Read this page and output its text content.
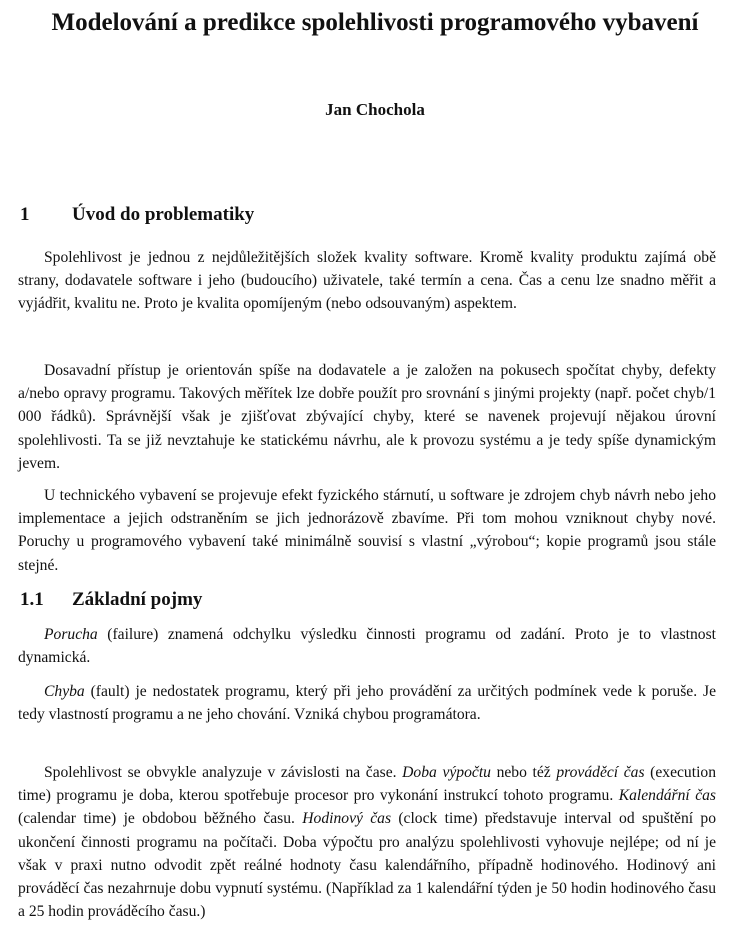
Modelování a predikce spolehlivosti programového vybavení
Jan Chochola
1 Úvod do problematiky

Spolehlivost je jednou z nejdůležitějších složek kvality software. Kromě kvality produktu zajímá obě strany, dodavatele software i jeho (budoucího) uživatele, také termín a cena. Čas a cenu lze snadno měřit a vyjádřit, kvalitu ne. Proto je kvalita opomíjeným (nebo odsouvaným) aspektem.

Dosavadní přístup je orientován spíše na dodavatele a je založen na pokusech spočítat chyby, defekty a/nebo opravy programu. Takových měřítek lze dobře použít pro srovnání s jinými projekty (např. počet chyb/1 000 řádků). Správnější však je zjišťovat zbývající chyby, které se navenek projevují nějakou úrovní spolehlivosti. Ta se již nevztahuje ke statickému návrhu, ale k provozu systému a je tedy spíše dynamickým jevem.

U technického vybavení se projevuje efekt fyzického stárnutí, u software je zdrojem chyb návrh nebo jeho implementace a jejich odstraněním se jich jednorázově zbavíme. Při tom mohou vzniknout chyby nové. Poruchy u programového vybavení také minimálně souvisí s vlastní „výrobou“; kopie programů jsou stále stejné.

1.1 Základní pojmy

Porucha (failure) znamená odchylku výsledku činnosti programu od zadání. Proto je to vlastnost dynamická.

Chyba (fault) je nedostatek programu, který při jeho provádění za určitých podmínek vede k poruše. Je tedy vlastností programu a ne jeho chování. Vzniká chybou programátora.

Spolehlivost se obvykle analyzuje v závislosti na čase. Doba výpočtu nebo též prováděcí čas (execution time) programu je doba, kterou spotřebuje procesor pro vykonání instrukcí tohoto programu. Kalendářní čas (calendar time) je obdobou běžného času. Hodinový čas (clock time) představuje interval od spuštění po ukončení činnosti programu na počítači. Doba výpočtu pro analýzu spolehlivosti vyhovuje nejlépe; od ní je však v praxi nutno odvodit zpět reálné hodnoty času kalendářního, případně hodinového. Hodinový ani prováděcí čas nezahrnuje dobu vypnutí systému. (Například za 1 kalendářní týden je 50 hodin hodinového času a 25 hodin prováděcího času.)
